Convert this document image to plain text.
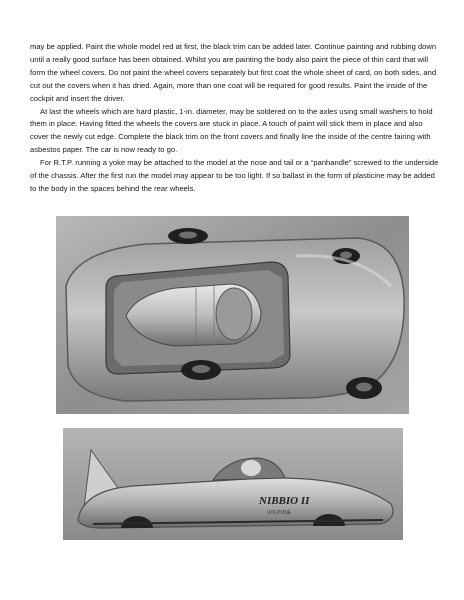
may be applied. Paint the whole model red at first, the black trim can be added later. Continue painting and rubbing down until a really good surface has been obtained. Whilst you are painting the body also paint the piece of thin card that will form the wheel covers. Do not paint the wheel covers separately but first coat the whole sheet of card, on both sides, and cut out the covers when it has dried. Again, more than one coat will be required for good results. Paint the inside of the cockpit and insert the driver.

At last the wheels which are hard plastic, 1-in. diameter, may be soldered on to the axles using small washers to hold them in place. Having fitted the wheels the covers are stuck in place. A touch of paint will stick them in place and also cover the newly cut edge. Complete the black trim on the front covers and finally line the inside of the centre fairing with asbestos paper. The car is now ready to go.

For R.T.P. running a yoke may be attached to the model at the nose and tail or a “panhandle” screwed to the underside of the chassis. After the first run the model may appear to be too light. If so ballast in the form of plasticine may be added to the body in the spaces behind the rear wheels.

NIBBIO II
VOLPONE
